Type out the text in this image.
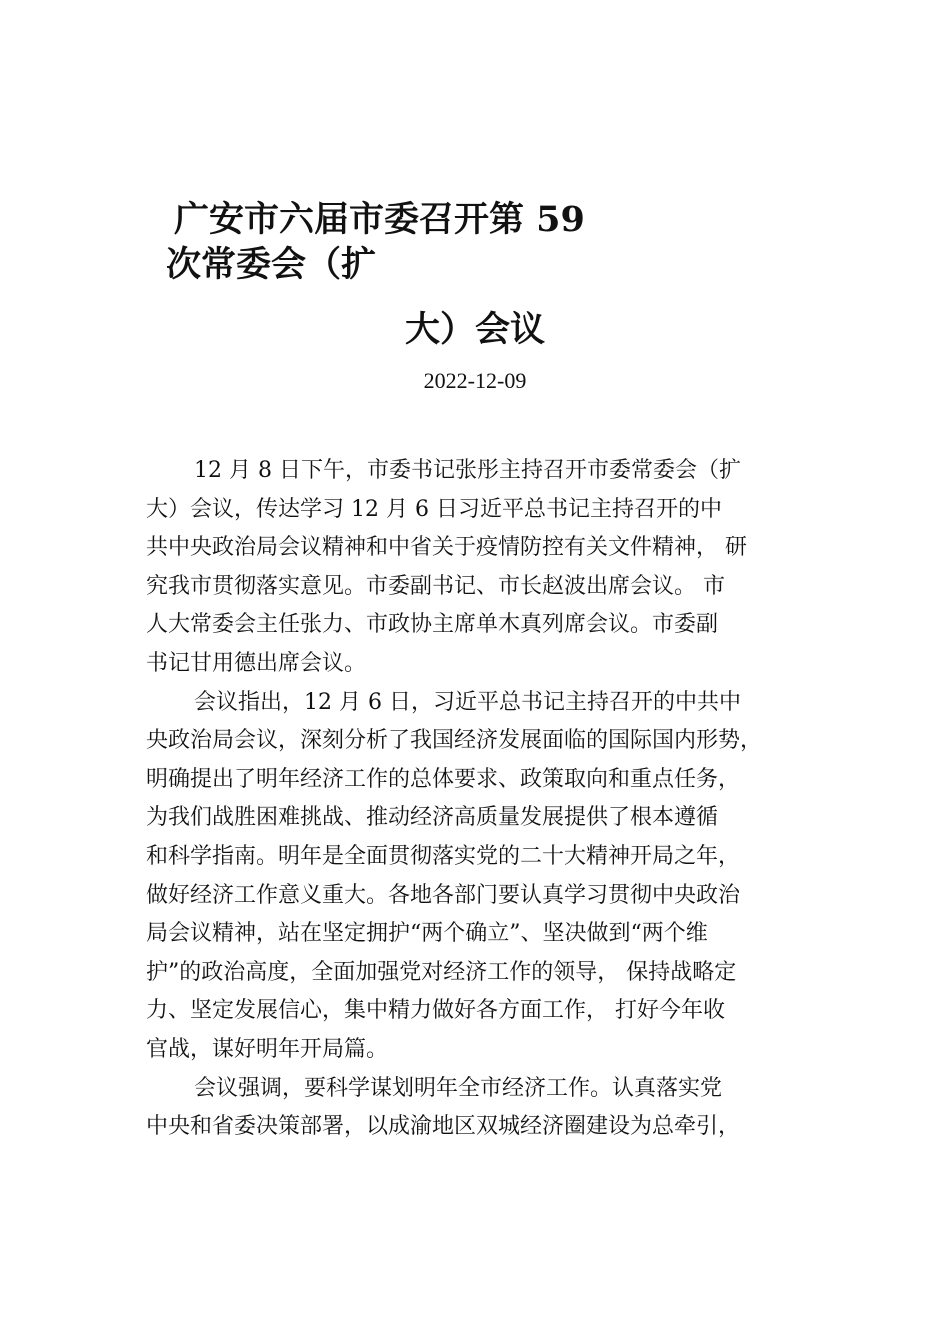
广安市六届市委召开第 59
次常委会（扩
大）会议
2022-12-09
12 月 8 日下午，市委书记张彤主持召开市委常委会（扩
大）会议，传达学习 12 月 6 日习近平总书记主持召开的中
共中央政治局会议精神和中省关于疫情防控有关文件精神， 研
究我市贯彻落实意见。市委副书记、市长赵波出席会议。 市
人大常委会主任张力、市政协主席单木真列席会议。市委副
书记甘用德出席会议。
会议指出，12 月 6 日，习近平总书记主持召开的中共中
央政治局会议，深刻分析了我国经济发展面临的国际国内形势，
明确提出了明年经济工作的总体要求、政策取向和重点任务，
为我们战胜困难挑战、推动经济高质量发展提供了根本遵循
和科学指南。明年是全面贯彻落实党的二十大精神开局之年，
做好经济工作意义重大。各地各部门要认真学习贯彻中央政治
局会议精神，站在坚定拥护“两个确立”、坚决做到“两个维
护”的政治高度，全面加强党对经济工作的领导， 保持战略定
力、坚定发展信心，集中精力做好各方面工作， 打好今年收
官战，谋好明年开局篇。
会议强调，要科学谋划明年全市经济工作。认真落实党
中央和省委决策部署，以成渝地区双城经济圈建设为总牵引，
